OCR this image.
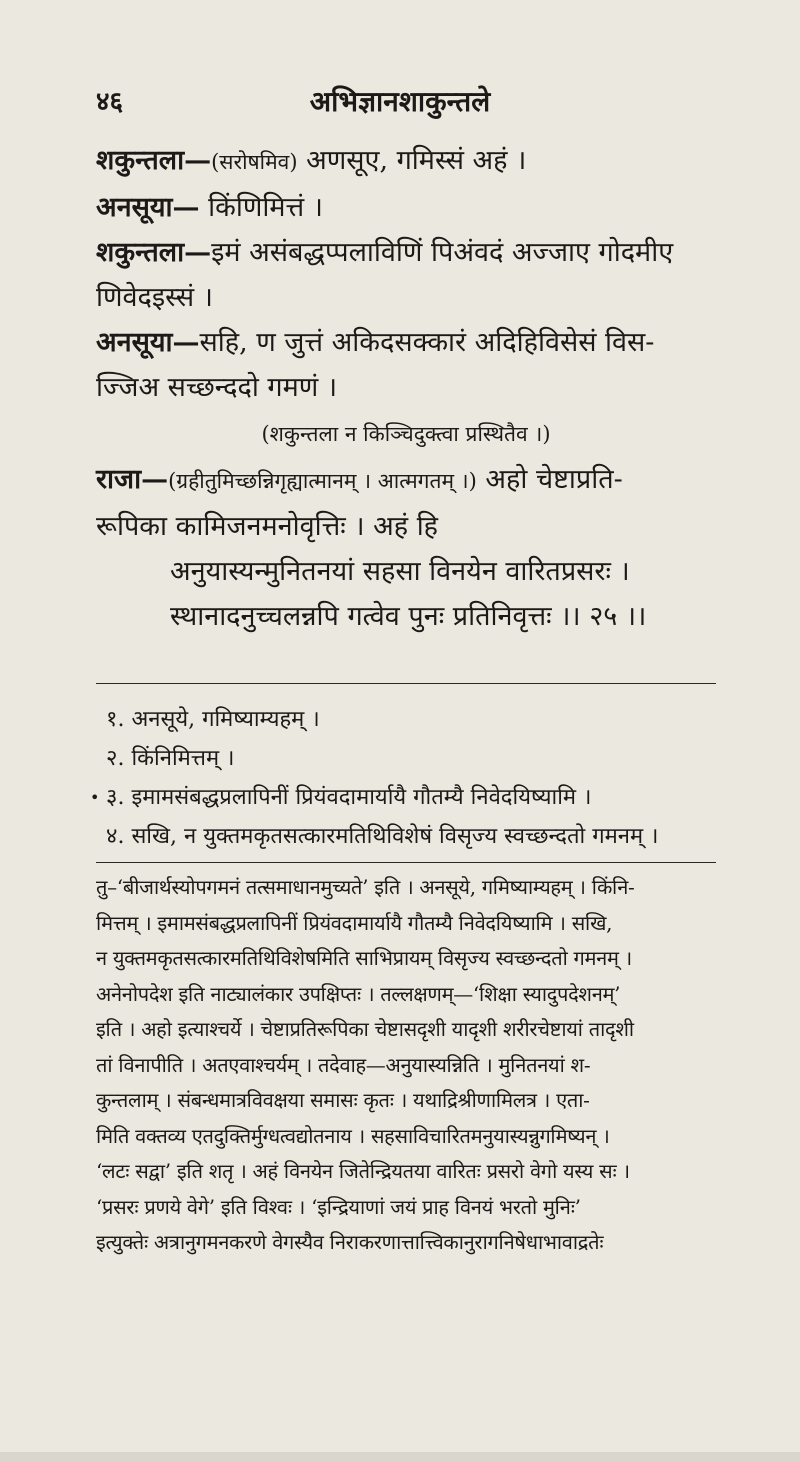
४६	अभिज्ञानशाकुन्तले
शकुन्तला—(सरोषमिव) अणसूए, गमिस्सं अहं ।
अनसूया— किंणिमित्तं ।
शकुन्तला—इमं असंबद्धप्पलाविणिं पिअंवदं अज्जाए गोदमीए
णिवेदइस्सं ।
अनसूया—सहि, ण जुत्तं अकिदसक्कारं अदिहिविसेसं विस-
ज्जिअ सच्छन्ददो गमणं ।
(शकुन्तला न किञ्चिदुक्त्वा प्रस्थितैव ।)
राजा—(ग्रहीतुमिच्छन्निगृह्यात्मानम् । आत्मगतम् ।) अहो चेष्टाप्रति-
रूपिका कामिजनमनोवृत्तिः । अहं हि
अनुयास्यन्मुनितनयां सहसा विनयेन वारितप्रसरः ।
स्थानादनुच्चलन्नपि गत्वेव पुनः प्रतिनिवृत्तः ।। २५ ।।
१. अनसूये, गमिष्याम्यहम् ।
२. किंनिमित्तम् ।
• ३. इमामसंबद्धप्रलापिनीं प्रियंवदामार्यायै गौतम्यै निवेदयिष्यामि ।
४. सखि, न युक्तमकृतसत्कारमतिथिविशेषं विसृज्य स्वच्छन्दतो गमनम् ।
तु–‘बीजार्थस्योपगमनं तत्समाधानमुच्यते’ इति । अनसूये, गमिष्याम्यहम् । किंनि-
मित्तम् । इमामसंबद्धप्रलापिनीं प्रियंवदामार्यायै गौतम्यै निवेदयिष्यामि । सखि,
न युक्तमकृतसत्कारमतिथिविशेषमिति साभिप्रायम् विसृज्य स्वच्छन्दतो गमनम् ।
अनेनोपदेश इति नाट्यालंकार उपक्षिप्तः । तल्लक्षणम्—‘शिक्षा स्यादुपदेशनम्’
इति । अहो इत्याश्चर्ये । चेष्टाप्रतिरूपिका चेष्टासदृशी यादृशी शरीरचेष्टायां तादृशी
तां विनापीति । अतएवाश्चर्यम् । तदेवाह—अनुयास्यन्निति । मुनितनयां श-
कुन्तलाम् । संबन्धमात्रविवक्षया समासः कृतः । यथाद्रिश्रीणामिलत्र । एता-
मिति वक्तव्य एतदुक्तिर्मुग्धत्वद्योतनाय । सहसाविचारितमनुयास्यन्नुगमिष्यन् ।
‘लटः सद्वा’ इति शतृ । अहं विनयेन जितेन्द्रियतया वारितः प्रसरो वेगो यस्य सः ।
‘प्रसरः प्रणये वेगे’ इति विश्वः । ‘इन्द्रियाणां जयं प्राह विनयं भरतो मुनिः’
इत्युक्तेः अत्रानुगमनकरणे वेगस्यैव निराकरणात्तात्त्विकानुरागनिषेधाभावाद्रतेः
